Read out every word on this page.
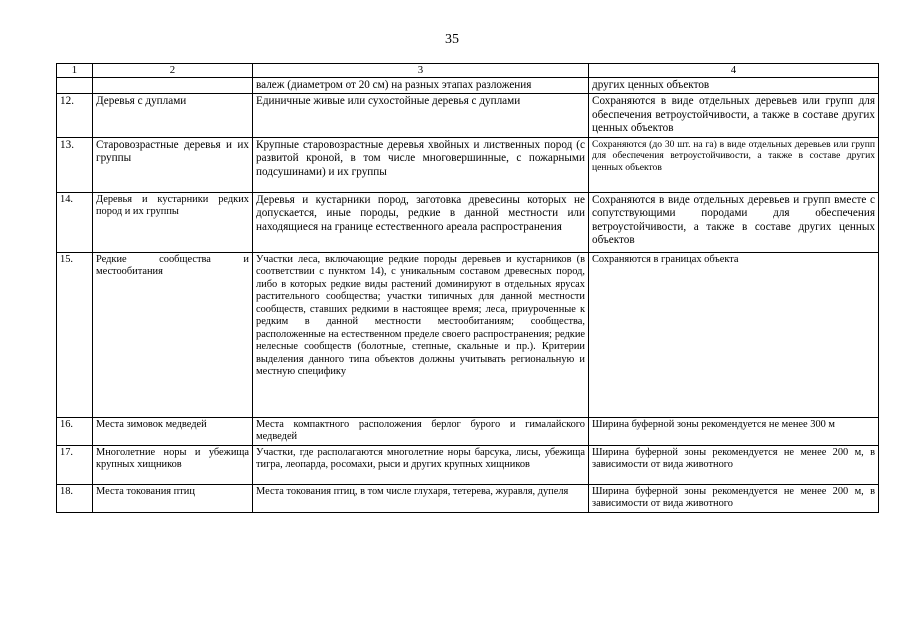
35
1	2	3	4
		валеж (диаметром от 20 см) на разных этапах разложения	других ценных объектов
12.	Деревья с дуплами	Единичные живые или сухостойные деревья с дуплами	Сохраняются в виде отдельных деревьев или групп для обеспечения ветроустойчивости, а также в составе других ценных объектов
13.	Старовозрастные деревья и их группы	Крупные старовозрастные деревья хвойных и лиственных пород (с развитой кроной, в том числе многовершинные, с пожарными подсушинами) и их группы	Сохраняются (до 30 шт. на га) в виде отдельных деревьев или групп для обеспечения ветроустойчивости, а также в составе других ценных объектов
14.	Деревья и кустарники редких пород и их группы	Деревья и кустарники пород, заготовка древесины которых не допускается, иные породы, редкие в данной местности или находящиеся на границе естественного ареала распространения	Сохраняются в виде отдельных деревьев и групп вместе с сопутствующими породами для обеспечения ветроустойчивости, а также в составе других ценных объектов
15.	Редкие сообщества и местообитания	Участки леса, включающие редкие породы деревьев и кустарников (в соответствии с пунктом 14), с уникальным составом древесных пород, либо в которых редкие виды растений доминируют в отдельных ярусах растительного сообщества; участки типичных для данной местности сообществ, ставших редкими в настоящее время; леса, приуроченные к редким в данной местности местообитаниям; сообщества, расположенные на естественном пределе своего распространения; редкие нелесные сообществ (болотные, степные, скальные и пр.). Критерии выделения данного типа объектов должны учитывать региональную и местную специфику	Сохраняются в границах объекта
16.	Места зимовок медведей	Места компактного расположения берлог бурого и гималайского медведей	Ширина буферной зоны рекомендуется не менее 300 м
17.	Многолетние норы и убежища крупных хищников	Участки, где располагаются многолетние норы барсука, лисы, убежища тигра, леопарда, росомахи, рыси и других крупных хищников	Ширина буферной зоны рекомендуется не менее 200 м, в зависимости от вида животного
18.	Места токования птиц	Места токования птиц, в том числе глухаря, тетерева, журавля, дупеля	Ширина буферной зоны рекомендуется не менее 200 м, в зависимости от вида животного
